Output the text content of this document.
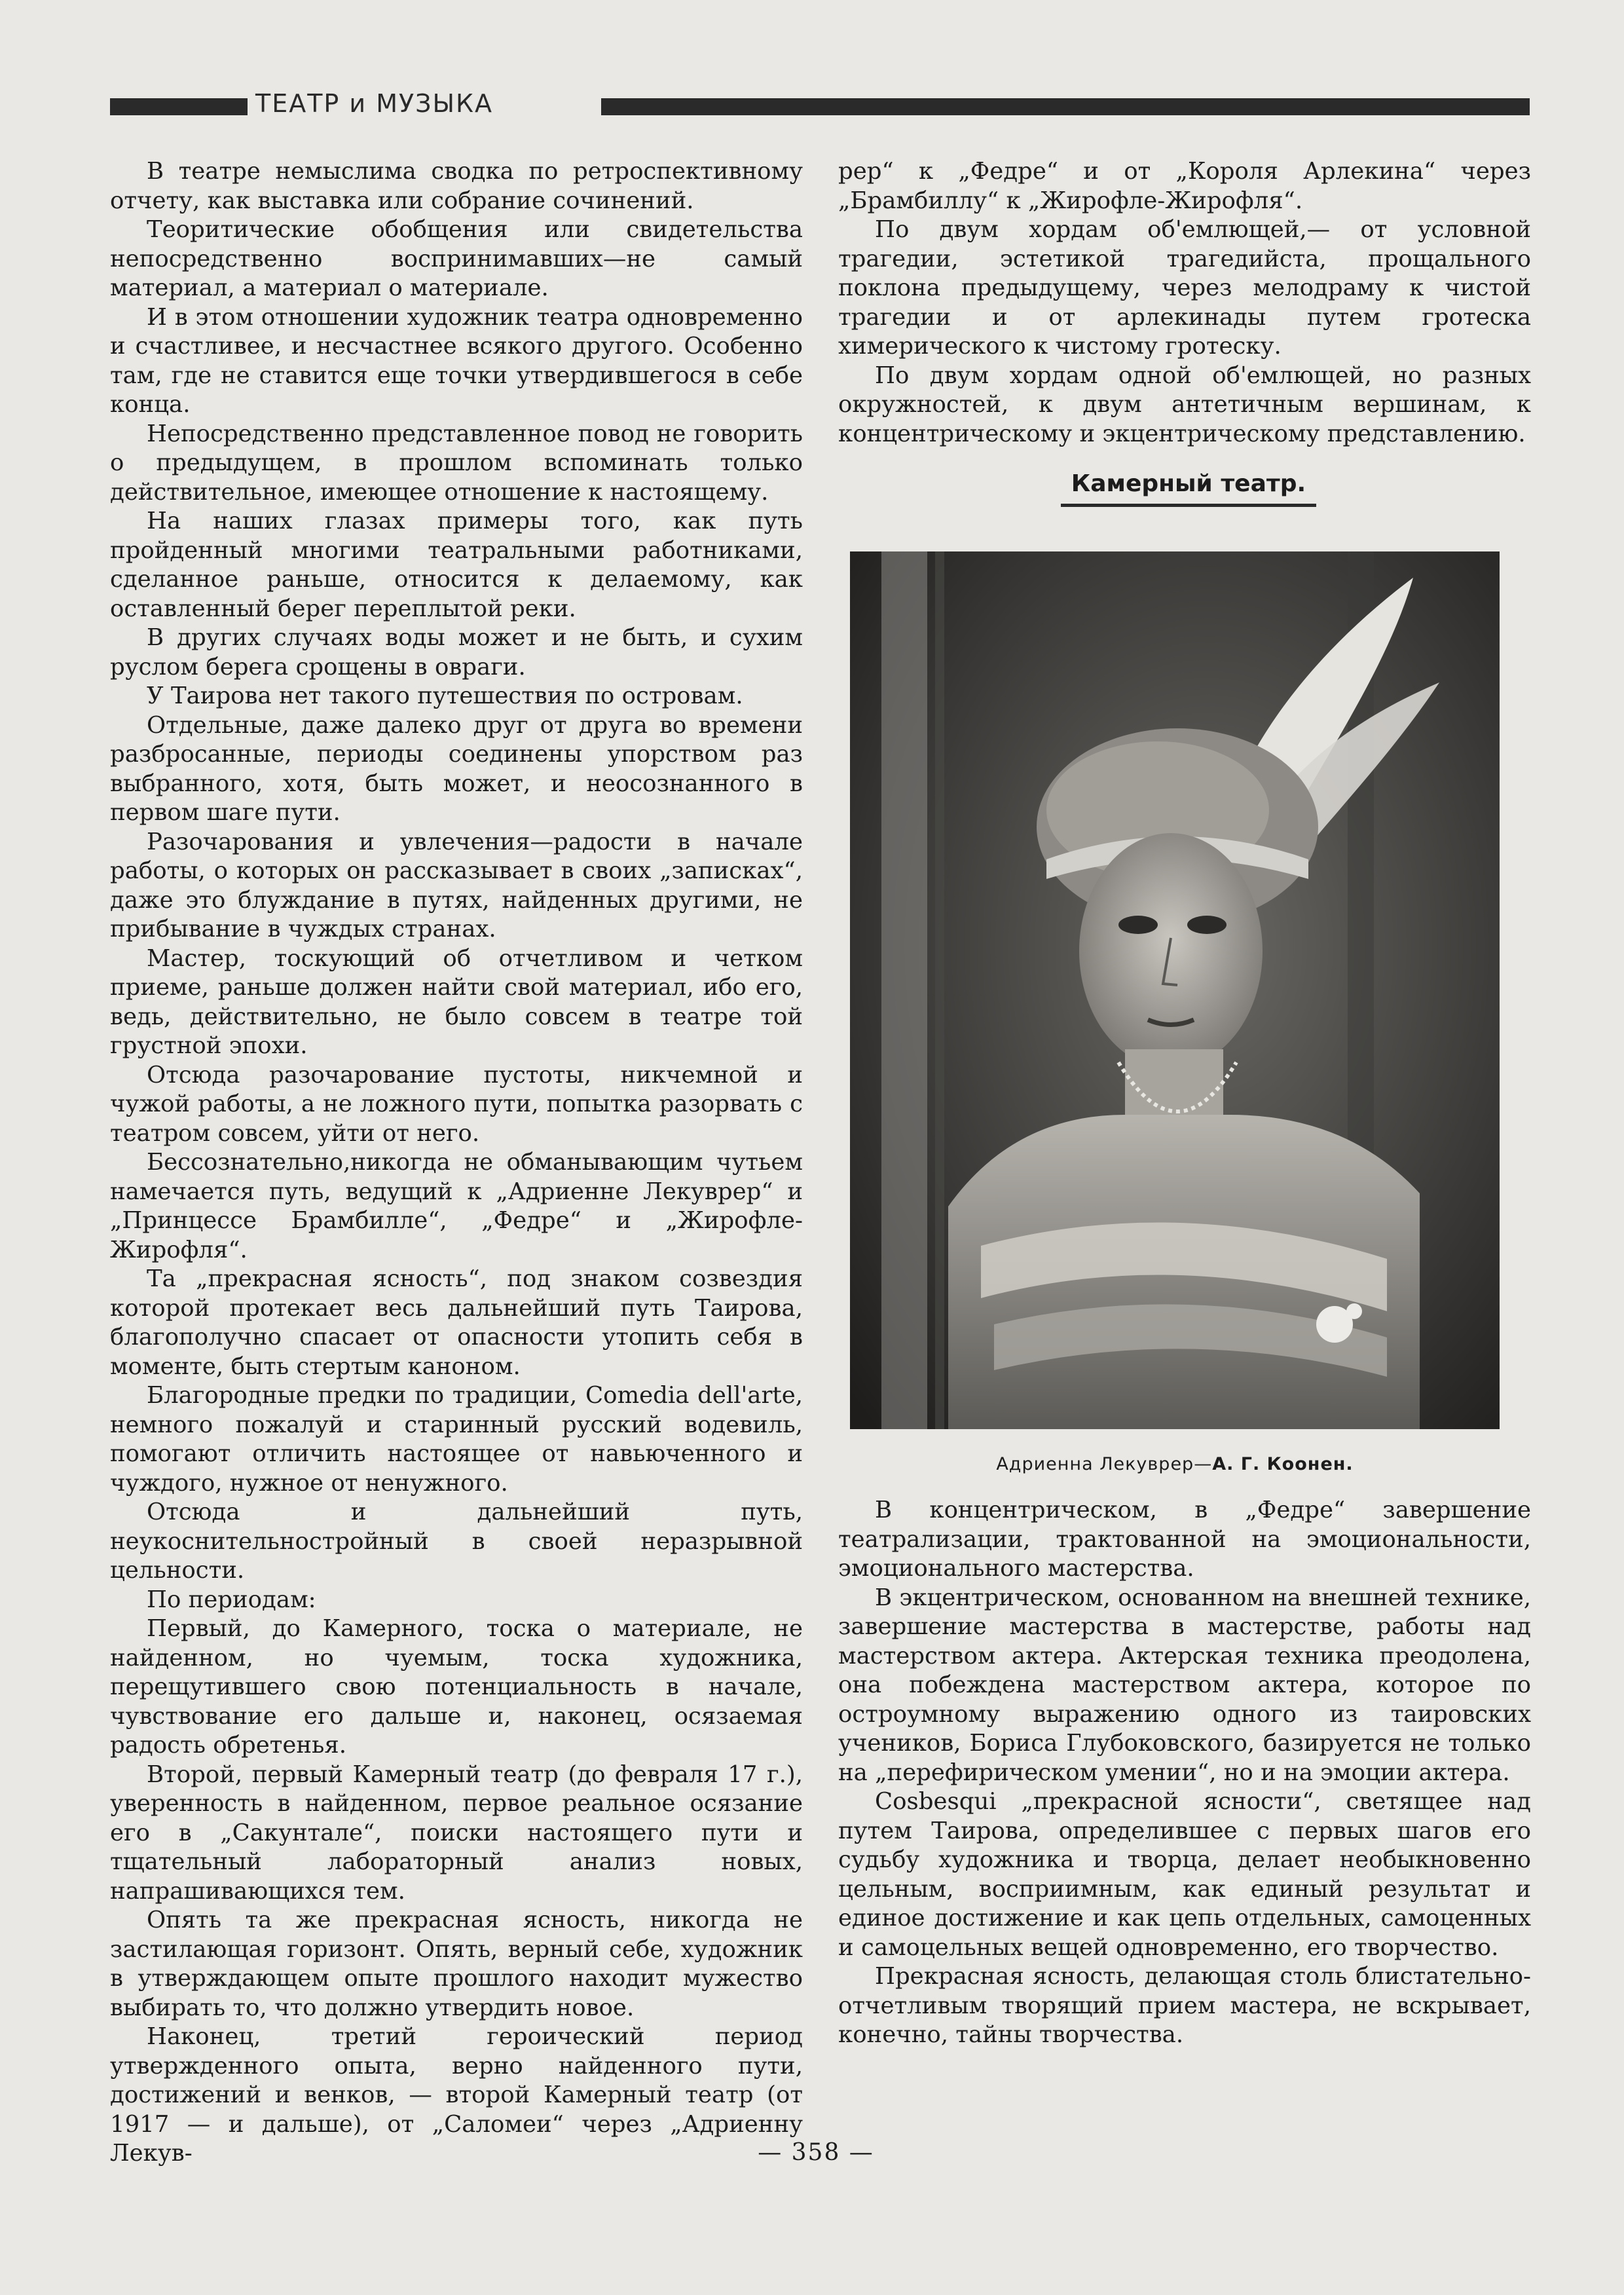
ТЕАТР и МУЗЫКА

В театре немыслима сводка по ретроспективному отчету, как выставка или собрание сочинений.

Теоритические обобщения или свидетельства непосредственно воспринимавших—не самый материал, а материал о материале.

И в этом отношении художник театра одновременно и счастливее, и несчастнее всякого другого. Особенно там, где не ставится еще точки утвердившегося в себе конца.

Непосредственно представленное повод не говорить о предыдущем, в прошлом вспоминать только действительное, имеющее отношение к настоящему.

На наших глазах примеры того, как путь пройденный многими театральными работниками, сделанное раньше, относится к делаемому, как оставленный берег переплытой реки.

В других случаях воды может и не быть, и сухим руслом берега срощены в овраги.

У Таирова нет такого путешествия по островам.

Отдельные, даже далеко друг от друга во времени разбросанные, периоды соединены упорством раз выбранного, хотя, быть может, и неосознанного в первом шаге пути.

Разочарования и увлечения—радости в начале работы, о которых он рассказывает в своих „записках“, даже это блуждание в путях, найденных другими, не прибывание в чуждых странах.

Мастер, тоскующий об отчетливом и четком приеме, раньше должен найти свой материал, ибо его, ведь, действительно, не было совсем в театре той грустной эпохи.

Отсюда разочарование пустоты, никчемной и чужой работы, а не ложного пути, попытка разорвать с театром совсем, уйти от него.

Бессознательно,никогда не обманывающим чутьем намечается путь, ведущий к „Адриенне Лекуврер“ и „Принцессе Брамбилле“, „Федре“ и „Жирофле-Жирофля“.

Та „прекрасная ясность“, под знаком созвездия которой протекает весь дальнейший путь Таирова, благополучно спасает от опасности утопить себя в моменте, быть стертым каноном.

Благородные предки по традиции, Comedia dell'arte, немного пожалуй и старинный русский водевиль, помогают отличить настоящее от навьюченного и чуждого, нужное от ненужного.

Отсюда и дальнейший путь, неукоснительностройный в своей неразрывной цельности.

По периодам:

Первый, до Камерного, тоска о материале, не найденном, но чуемым, тоска художника, перещутившего свою потенциальность в начале, чувствование его дальше и, наконец, осязаемая радость обретенья.

Второй, первый Камерный театр (до февраля 17 г.), уверенность в найденном, первое реальное осязание его в „Сакунтале“, поиски настоящего пути и тщательный лабораторный анализ новых, напрашивающихся тем.

Опять та же прекрасная ясность, никогда не застилающая горизонт. Опять, верный себе, художник в утверждающем опыте прошлого находит мужество выбирать то, что должно утвердить новое.

Наконец, третий героический период утвержденного опыта, верно найденного пути, достижений и венков, — второй Камерный театр (от 1917 — и дальше), от „Саломеи“ через „Адриенну Лекув-

рер“ к „Федре“ и от „Короля Арлекина“ через „Брамбиллу“ к „Жирофле-Жирофля“.

По двум хордам об'емлющей,— от условной трагедии, эстетикой трагедийста, прощального поклона предыдущему, через мелодраму к чистой трагедии и от арлекинады путем гротеска химерического к чистому гротеску.

По двум хордам одной об'емлющей, но разных окружностей, к двум антетичным вершинам, к концентрическому и экцентрическому представлению.

Камерный театр.
Адриенна Лекуврер—А. Г. Коонен.

В концентрическом, в „Федре“ завершение театрализации, трактованной на эмоциональности, эмоционального мастерства.

В экцентрическом, основанном на внешней технике, завершение мастерства в мастерстве, работы над мастерством актера. Актерская техника преодолена, она побеждена мастерством актера, которое по остроумному выражению одного из таировских учеников, Бориса Глубоковского, базируется не только на „перефирическом умении“, но и на эмоции актера.

Cosbesqui „прекрасной ясности“, светящее над путем Таирова, определившее с первых шагов его судьбу художника и творца, делает необыкновенно цельным, восприимным, как единый результат и единое достижение и как цепь отдельных, самоценных и самоцельных вещей одновременно, его творчество.

Прекрасная ясность, делающая столь блистательно-отчетливым творящий прием мастера, не вскрывает, конечно, тайны творчества.

— 358 —
